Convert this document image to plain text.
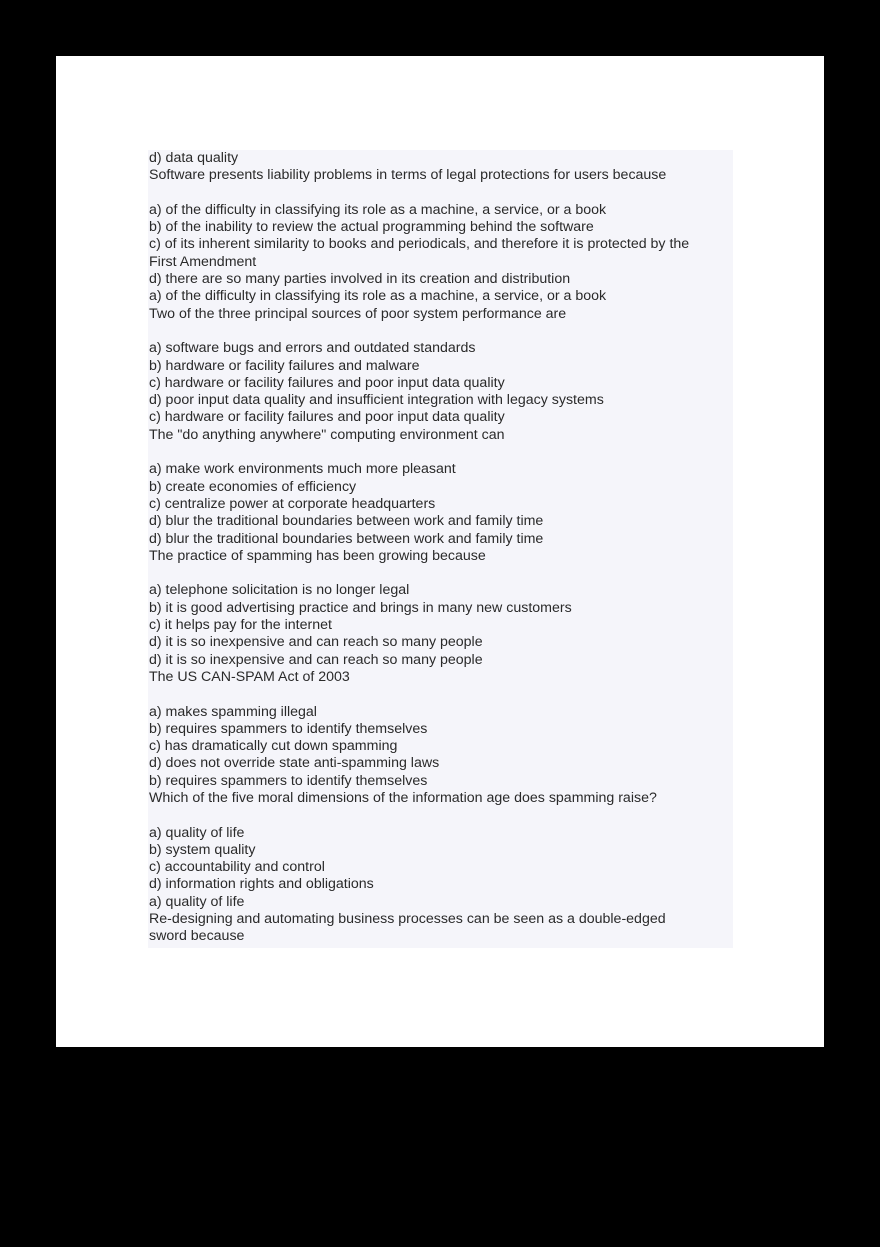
d) data quality
Software presents liability problems in terms of legal protections for users because
a) of the difficulty in classifying its role as a machine, a service, or a book
b) of the inability to review the actual programming behind the software
c) of its inherent similarity to books and periodicals, and therefore it is protected by the
First Amendment
d) there are so many parties involved in its creation and distribution
a) of the difficulty in classifying its role as a machine, a service, or a book
Two of the three principal sources of poor system performance are
a) software bugs and errors and outdated standards
b) hardware or facility failures and malware
c) hardware or facility failures and poor input data quality
d) poor input data quality and insufficient integration with legacy systems
c) hardware or facility failures and poor input data quality
The "do anything anywhere" computing environment can
a) make work environments much more pleasant
b) create economies of efficiency
c) centralize power at corporate headquarters
d) blur the traditional boundaries between work and family time
d) blur the traditional boundaries between work and family time
The practice of spamming has been growing because
a) telephone solicitation is no longer legal
b) it is good advertising practice and brings in many new customers
c) it helps pay for the internet
d) it is so inexpensive and can reach so many people
d) it is so inexpensive and can reach so many people
The US CAN-SPAM Act of 2003
a) makes spamming illegal
b) requires spammers to identify themselves
c) has dramatically cut down spamming
d) does not override state anti-spamming laws
b) requires spammers to identify themselves
Which of the five moral dimensions of the information age does spamming raise?
a) quality of life
b) system quality
c) accountability and control
d) information rights and obligations
a) quality of life
Re-designing and automating business processes can be seen as a double-edged
sword because
